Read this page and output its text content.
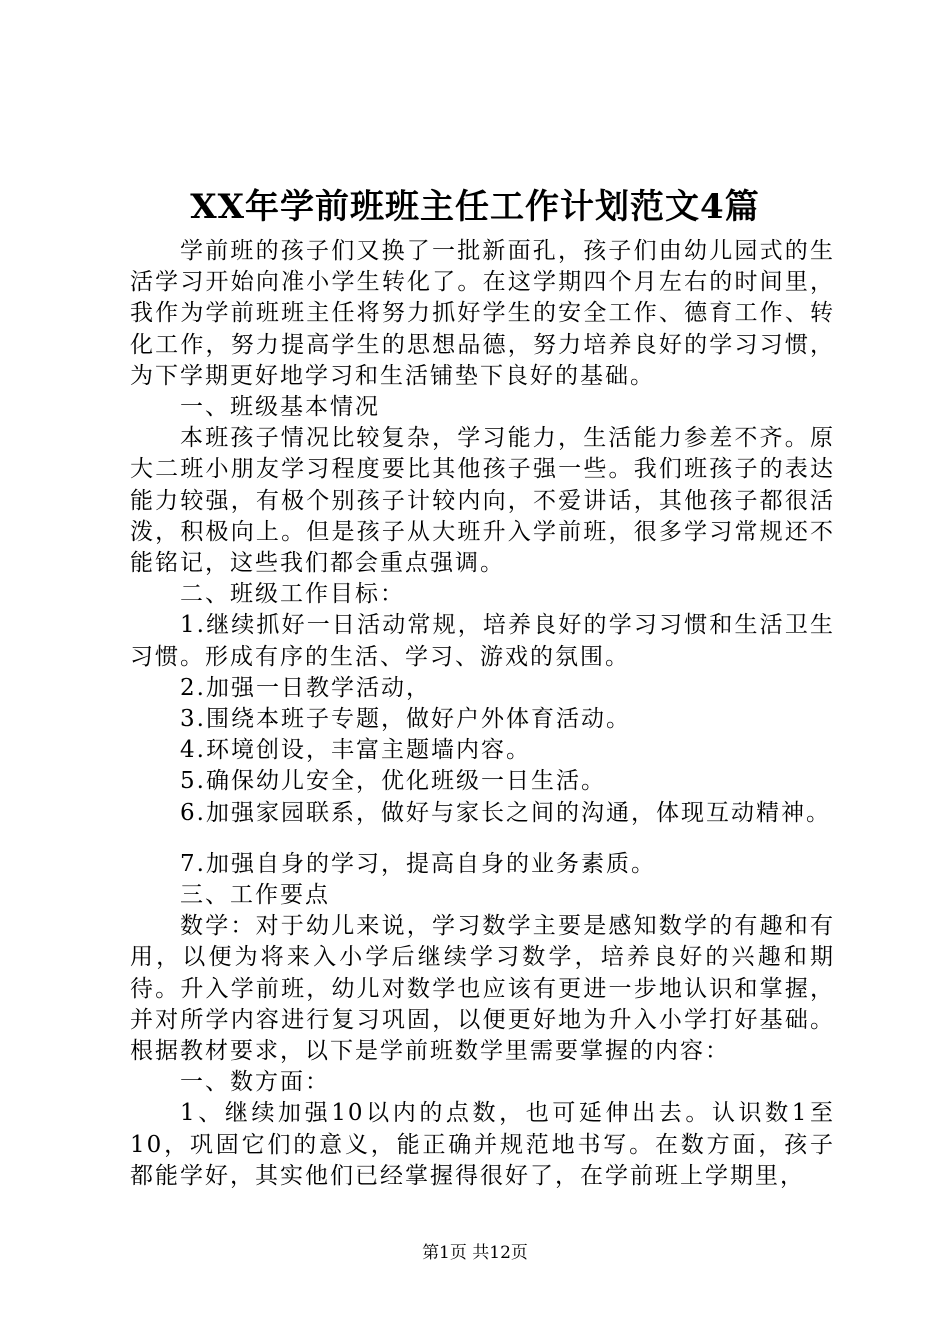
XX年学前班班主任工作计划范文4篇

学前班的孩子们又换了一批新面孔，孩子们由幼儿园式的生活学习开始向准小学生转化了。在这学期四个月左右的时间里，我作为学前班班主任将努力抓好学生的安全工作、德育工作、转化工作，努力提高学生的思想品德，努力培养良好的学习习惯，为下学期更好地学习和生活铺垫下良好的基础。

一、班级基本情况

本班孩子情况比较复杂，学习能力，生活能力参差不齐。原大二班小朋友学习程度要比其他孩子强一些。我们班孩子的表达能力较强，有极个别孩子计较内向，不爱讲话，其他孩子都很活泼，积极向上。但是孩子从大班升入学前班，很多学习常规还不能铭记，这些我们都会重点强调。

二、班级工作目标：

1.继续抓好一日活动常规，培养良好的学习习惯和生活卫生习惯。形成有序的生活、学习、游戏的氛围。

2.加强一日教学活动，

3.围绕本班子专题，做好户外体育活动。

4.环境创设，丰富主题墙内容。

5.确保幼儿安全，优化班级一日生活。

6.加强家园联系，做好与家长之间的沟通，体现互动精神。

7.加强自身的学习，提高自身的业务素质。

三、工作要点

数学：对于幼儿来说，学习数学主要是感知数学的有趣和有用，以便为将来入小学后继续学习数学，培养良好的兴趣和期待。升入学前班，幼儿对数学也应该有更进一步地认识和掌握，并对所学内容进行复习巩固，以便更好地为升入小学打好基础。根据教材要求，以下是学前班数学里需要掌握的内容：

一、数方面：

1、继续加强10以内的点数，也可延伸出去。认识数1至10，巩固它们的意义，能正确并规范地书写。在数方面，孩子都能学好，其实他们已经掌握得很好了，在学前班上学期里，

第1页 共12页
